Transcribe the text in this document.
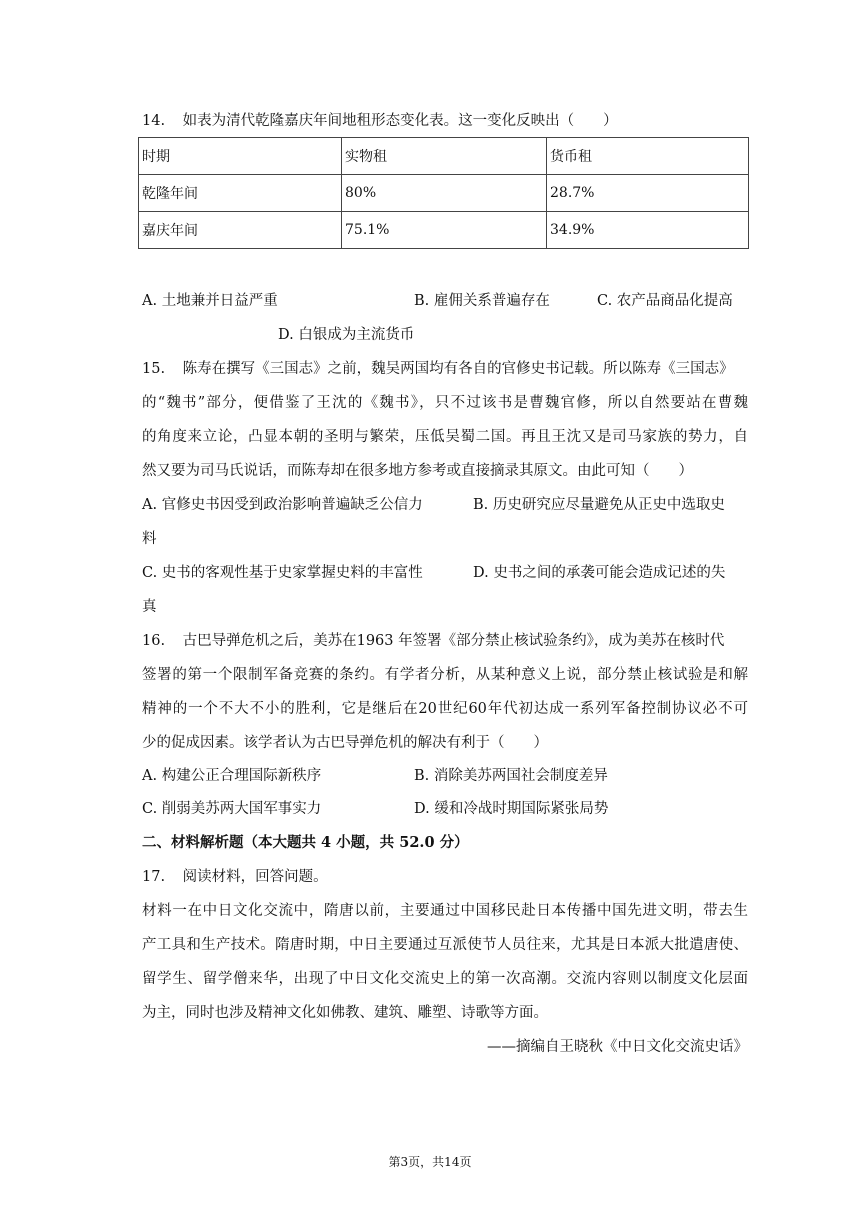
14. 如表为清代乾隆嘉庆年间地租形态变化表。这一变化反映出（　　）
时期	实物租	货币租
乾隆年间	80%	28.7%
嘉庆年间	75.1%	34.9%
A. 土地兼并日益严重	B. 雇佣关系普遍存在	C. 农产品商品化提高
D. 白银成为主流货币
15. 陈寿在撰写《三国志》之前，魏吴两国均有各自的官修史书记载。所以陈寿《三国志》
的“魏书”部分，便借鉴了王沈的《魏书》，只不过该书是曹魏官修，所以自然要站在曹魏
的角度来立论，凸显本朝的圣明与繁荣，压低吴蜀二国。再且王沈又是司马家族的势力，自
然又要为司马氏说话，而陈寿却在很多地方参考或直接摘录其原文。由此可知（　　）
A. 官修史书因受到政治影响普遍缺乏公信力	B. 历史研究应尽量避免从正史中选取史
料
C. 史书的客观性基于史家掌握史料的丰富性	D. 史书之间的承袭可能会造成记述的失
真
16. 古巴导弹危机之后，美苏在1963 年签署《部分禁止核试验条约》，成为美苏在核时代
签署的第一个限制军备竞赛的条约。有学者分析，从某种意义上说，部分禁止核试验是和解
精神的一个不大不小的胜利，它是继后在20世纪60年代初达成一系列军备控制协议必不可
少的促成因素。该学者认为古巴导弹危机的解决有利于（　　）
A. 构建公正合理国际新秩序	B. 消除美苏两国社会制度差异
C. 削弱美苏两大国军事实力	D. 缓和冷战时期国际紧张局势
二、材料解析题（本大题共 4 小题，共 52.0 分）
17. 阅读材料，回答问题。
材料一在中日文化交流中，隋唐以前，主要通过中国移民赴日本传播中国先进文明，带去生
产工具和生产技术。隋唐时期，中日主要通过互派使节人员往来，尤其是日本派大批遣唐使、
留学生、留学僧来华，出现了中日文化交流史上的第一次高潮。交流内容则以制度文化层面
为主，同时也涉及精神文化如佛教、建筑、雕塑、诗歌等方面。
——摘编自王晓秋《中日文化交流史话》
第3页，共14页
